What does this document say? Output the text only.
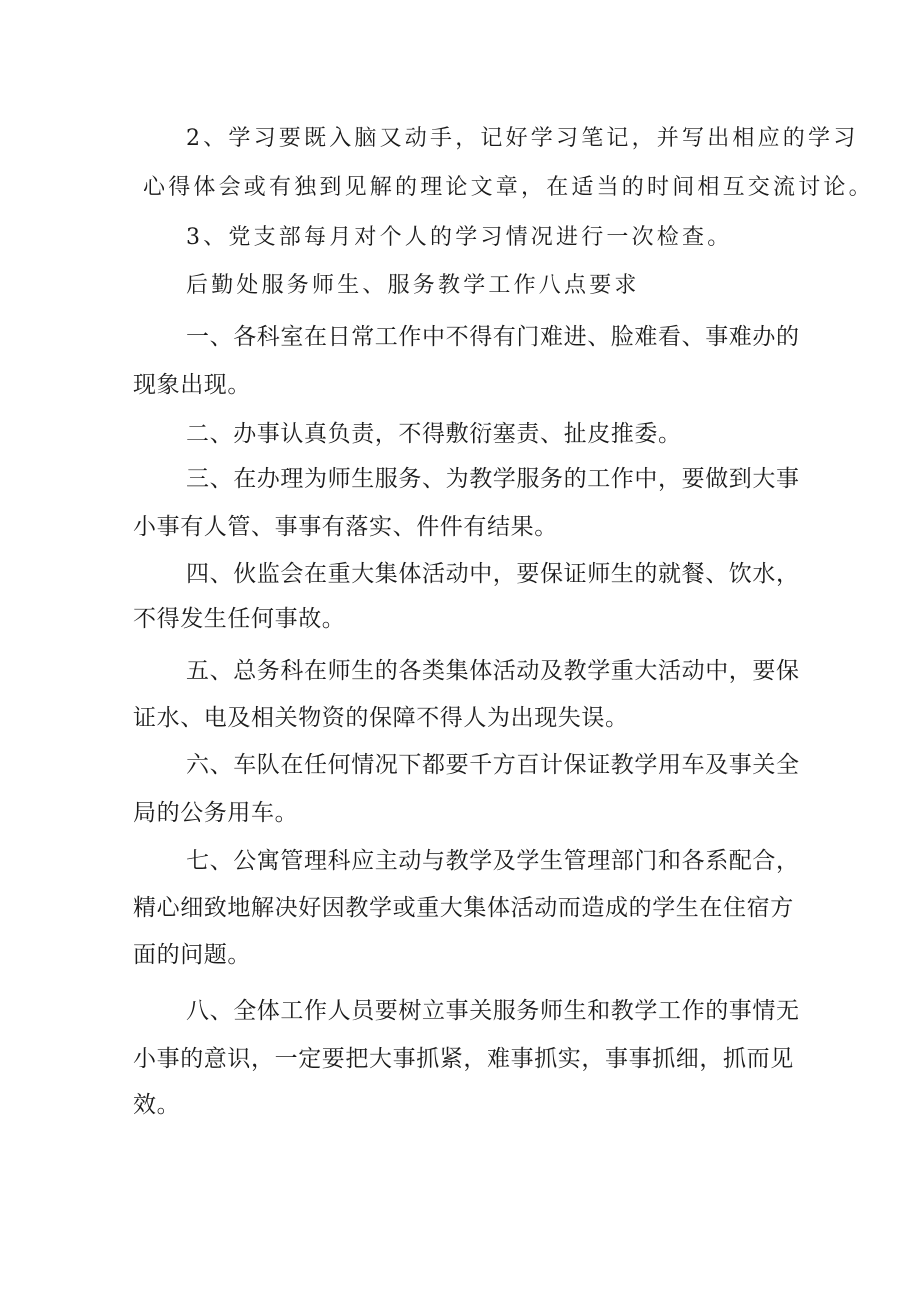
2、学习要既入脑又动手，记好学习笔记，并写出相应的学习
心得体会或有独到见解的理论文章，在适当的时间相互交流讨论。
3、党支部每月对个人的学习情况进行一次检查。
后勤处服务师生、服务教学工作八点要求
一、各科室在日常工作中不得有门难进、脸难看、事难办的
现象出现。
二、办事认真负责，不得敷衍塞责、扯皮推委。
三、在办理为师生服务、为教学服务的工作中，要做到大事
小事有人管、事事有落实、件件有结果。
四、伙监会在重大集体活动中，要保证师生的就餐、饮水，
不得发生任何事故。
五、总务科在师生的各类集体活动及教学重大活动中，要保
证水、电及相关物资的保障不得人为出现失误。
六、车队在任何情况下都要千方百计保证教学用车及事关全
局的公务用车。
七、公寓管理科应主动与教学及学生管理部门和各系配合，
精心细致地解决好因教学或重大集体活动而造成的学生在住宿方
面的问题。
八、全体工作人员要树立事关服务师生和教学工作的事情无
小事的意识，一定要把大事抓紧，难事抓实，事事抓细，抓而见
效。
